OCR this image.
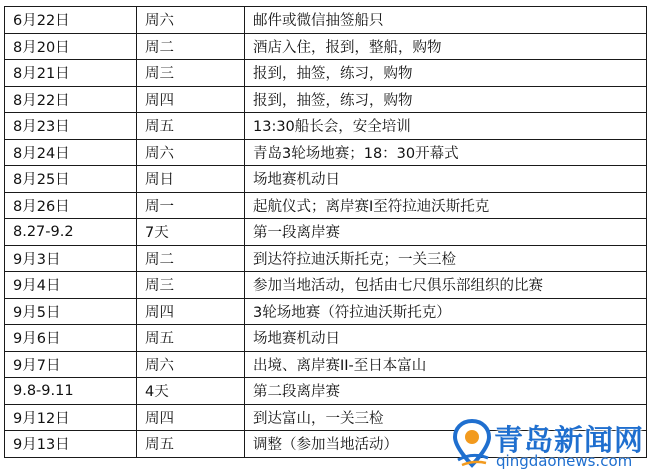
6月22日	周六	邮件或微信抽签船只
8月20日	周二	酒店入住，报到，整船，购物
8月21日	周三	报到，抽签，练习，购物
8月22日	周四	报到，抽签，练习，购物
8月23日	周五	13:30船长会，安全培训
8月24日	周六	青岛3轮场地赛；18：30开幕式
8月25日	周日	场地赛机动日
8月26日	周一	起航仪式；离岸赛I至符拉迪沃斯托克
8.27-9.2	7天	第一段离岸赛
9月3日	周二	到达符拉迪沃斯托克；一关三检
9月4日	周三	参加当地活动，包括由七尺俱乐部组织的比赛
9月5日	周四	3轮场地赛（符拉迪沃斯托克）
9月6日	周五	场地赛机动日
9月7日	周六	出境、离岸赛II-至日本富山
9.8-9.11	4天	第二段离岸赛
9月12日	周四	到达富山，一关三检
9月13日	周五	调整（参加当地活动）	青岛新闻网
qingdaonews.com
